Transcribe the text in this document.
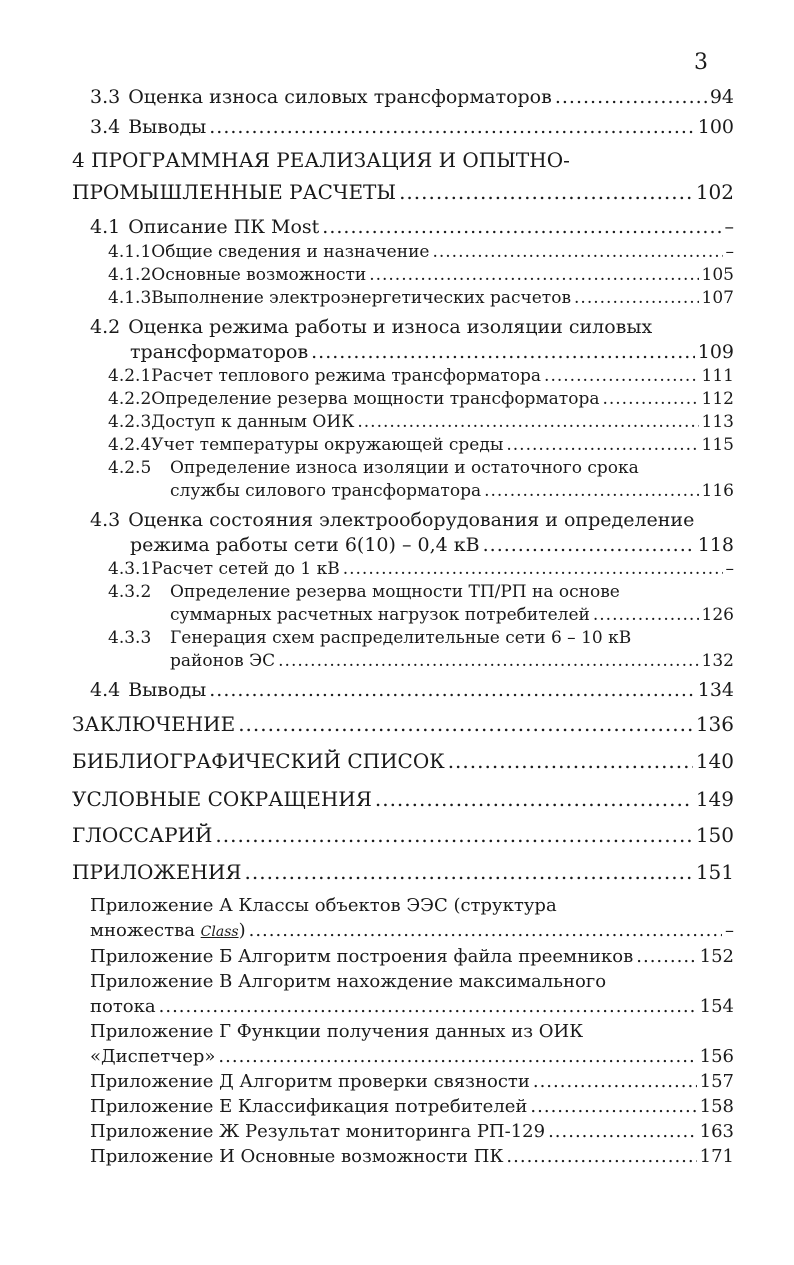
3
3.3 Оценка износа силовых трансформаторов .....	94
3.4 Выводы .....	100
4 ПРОГРАММНАЯ РЕАЛИЗАЦИЯ И ОПЫТНО-
ПРОМЫШЛЕННЫЕ РАСЧЕТЫ .....	102
4.1 Описание ПК Most .....	–
4.1.1 Общие сведения и назначение .....	–
4.1.2 Основные возможности .....	105
4.1.3 Выполнение электроэнергетических расчетов .....	107
4.2 Оценка режима работы и износа изоляции силовых
трансформаторов .....	109
4.2.1 Расчет теплового режима трансформатора .....	111
4.2.2 Определение резерва мощности трансформатора .....	112
4.2.3 Доступ к данным ОИК .....	113
4.2.4 Учет температуры окружающей среды .....	115
4.2.5 Определение износа изоляции и остаточного срока
службы силового трансформатора .....	116
4.3 Оценка состояния электрооборудования и определение
режима работы сети 6(10) – 0,4 кВ .....	118
4.3.1 Расчет сетей до 1 кВ .....	–
4.3.2 Определение резерва мощности ТП/РП на основе
суммарных расчетных нагрузок потребителей .....	126
4.3.3 Генерация схем распределительные сети 6 – 10 кВ
районов ЭС .....	132
4.4 Выводы .....	134
ЗАКЛЮЧЕНИЕ .....	136
БИБЛИОГРАФИЧЕСКИЙ СПИСОК .....	140
УСЛОВНЫЕ СОКРАЩЕНИЯ .....	149
ГЛОССАРИЙ .....	150
ПРИЛОЖЕНИЯ .....	151
Приложение А Классы объектов ЭЭС (структура
множества Class) .....	–
Приложение Б Алгоритм построения файла преемников .....	152
Приложение В Алгоритм нахождение максимального
потока .....	154
Приложение Г Функции получения данных из ОИК
«Диспетчер» .....	156
Приложение Д Алгоритм проверки связности .....	157
Приложение Е Классификация потребителей .....	158
Приложение Ж Результат мониторинга РП-129 .....	163
Приложение И Основные возможности ПК .....	171
